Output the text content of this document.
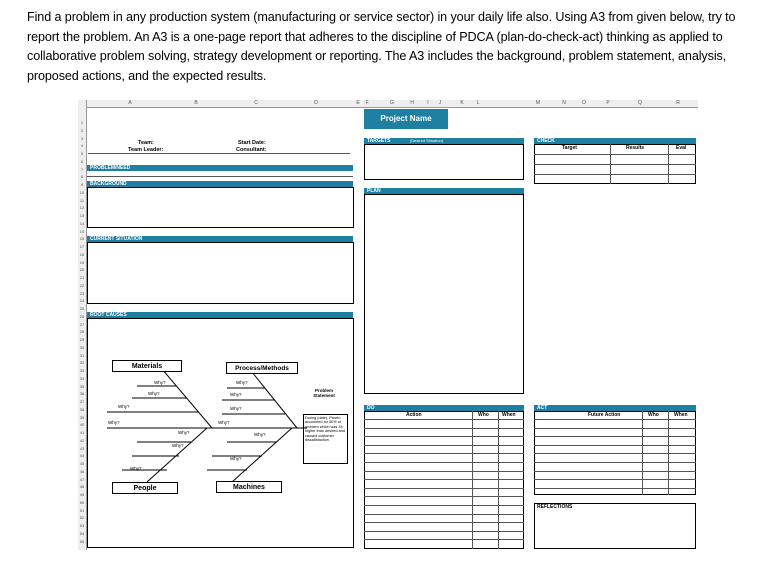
Find a problem in any production system (manufacturing or service sector) in your daily life also. Using A3 from given below, try to report the problem. An A3 is a one-page report that adheres to the discipline of PDCA (plan-do-check-act) thinking as applied to collaborative problem solving, strategy development or reporting. The A3 includes the background, problem statement, analysis, proposed actions, and the expected results.
A	B	C	D	E	F	G	H	I	J	K	L	M	N	O	P	Q	R
1
2
3
4
5
6
7
8
9
10
11
12
13
14
15
16
17
18
19
20
21
22
23
24
25
26
27
28
29
30
31
32
33
34
35
36
37
38
39
40
41
42
43
44
45
46
47
48
49
50
51
52
53
54
55
Project Name
Team:
Team Leader:
Start Date:
Consultant:
PROBLEM/NEED
BACKGROUND
CURRENT SITUATION
ROOT CAUSES
Materials	Process/Methods
People	Machines
Problem Statement
During (date), Parefo accounted for 50% of problem which was 3X higher than desired and caused customer dissatisfaction
Why?
Why?
Why?
Why?
Why?
Why?
Why?
Why?
Why?
Why?
Why?
Why?	Why?
TARGETS	(Desired Situation)
PLAN
CHECK
Target	Results	Eval
DO
Action	Who	When
ACT
Future Action	Who	When
REFLECTIONS
